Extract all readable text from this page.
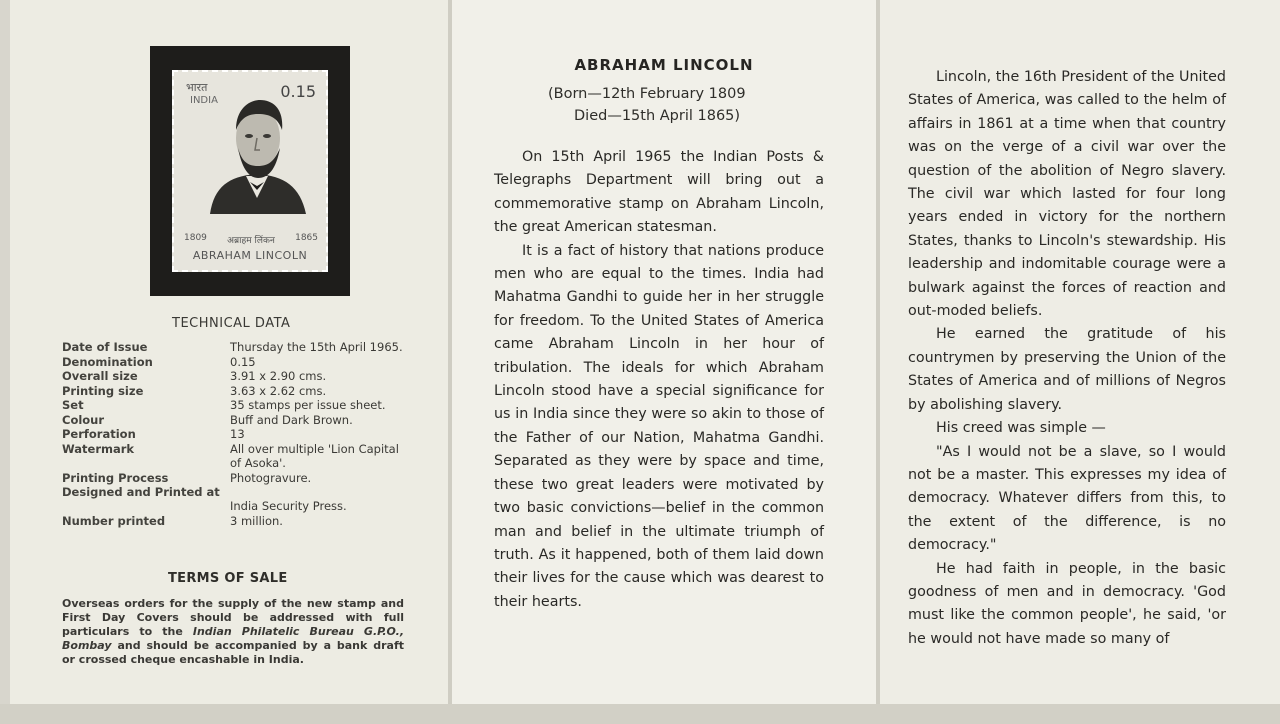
भारत
INDIA	0.15
1809 अब्राहम लिंकन 1865
ABRAHAM LINCOLN
TECHNICAL DATA
Date of Issue	Thursday the 15th April 1965.
Denomination	0.15
Overall size	3.91 x 2.90 cms.
Printing size	3.63 x 2.62 cms.
Set	35 stamps per issue sheet.
Colour	Buff and Dark Brown.
Perforation	13
Watermark	All over multiple 'Lion Capital of Asoka'.
Printing Process	Photogravure.
Designed and Printed at
India Security Press.
Number printed	3 million.
TERMS OF SALE
Overseas orders for the supply of the new stamp and First Day Covers should be addressed with full particulars to the Indian Philatelic Bureau G.P.O., Bombay and should be accompanied by a bank draft or crossed cheque encashable in India.
ABRAHAM LINCOLN
(Born—12th February 1809
Died—15th April 1865)

On 15th April 1965 the Indian Posts & Telegraphs Department will bring out a commemorative stamp on Abraham Lincoln, the great American statesman.

It is a fact of history that nations produce men who are equal to the times. India had Mahatma Gandhi to guide her in her struggle for freedom. To the United States of America came Abraham Lincoln in her hour of tribulation. The ideals for which Abraham Lincoln stood have a special significance for us in India since they were so akin to those of the Father of our Nation, Mahatma Gandhi. Separated as they were by space and time, these two great leaders were motivated by two basic convictions—belief in the common man and belief in the ultimate triumph of truth. As it happened, both of them laid down their lives for the cause which was dearest to their hearts.

Lincoln, the 16th President of the United States of America, was called to the helm of affairs in 1861 at a time when that country was on the verge of a civil war over the question of the abolition of Negro slavery. The civil war which lasted for four long years ended in victory for the northern States, thanks to Lincoln's stewardship. His leadership and indomitable courage were a bulwark against the forces of reaction and out-moded beliefs.

He earned the gratitude of his countrymen by preserving the Union of the States of America and of millions of Negros by abolishing slavery.

His creed was simple —

"As I would not be a slave, so I would not be a master. This expresses my idea of democracy. Whatever differs from this, to the extent of the difference, is no democracy."

He had faith in people, in the basic goodness of men and in democracy. 'God must like the common people', he said, 'or he would not have made so many of
